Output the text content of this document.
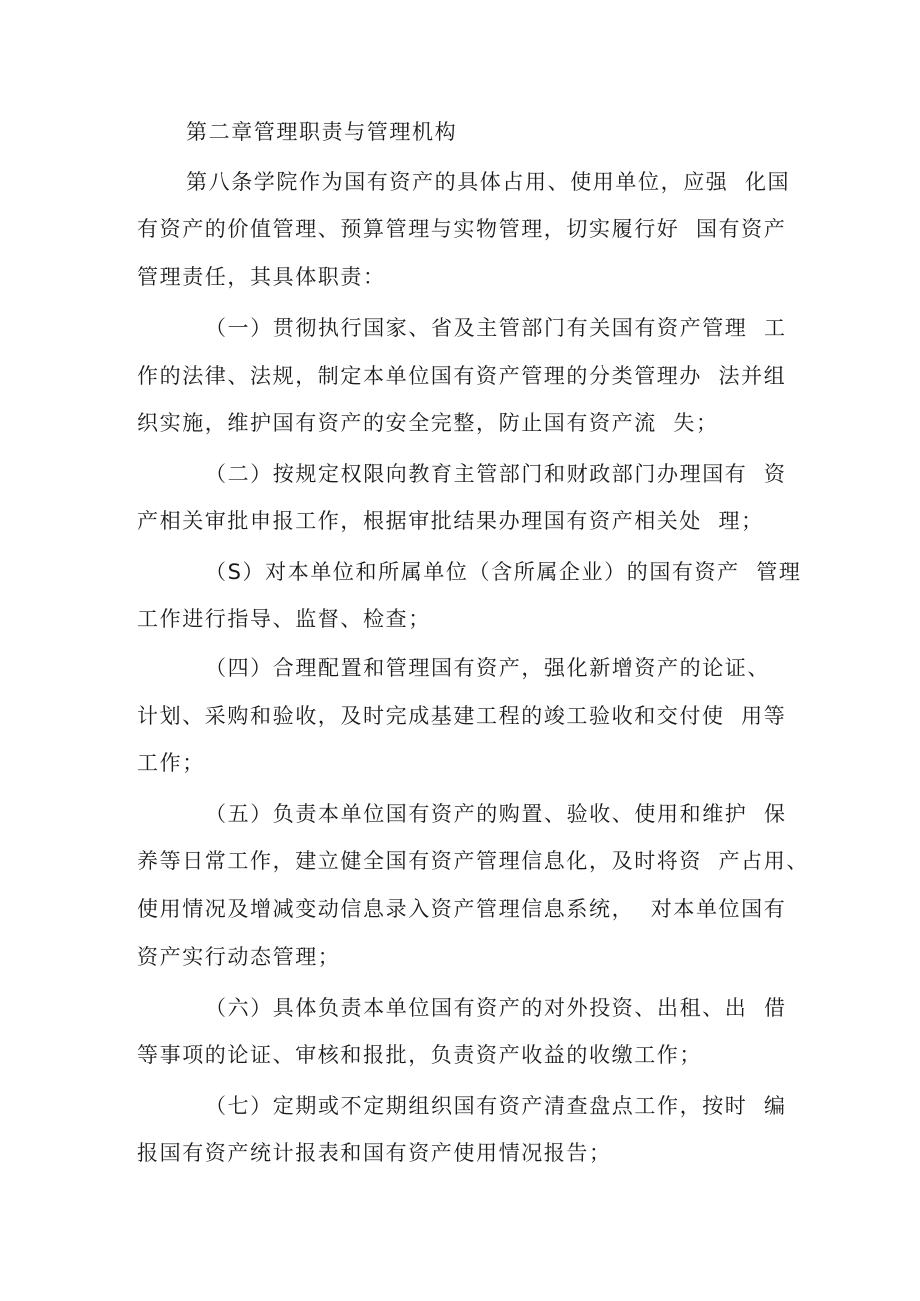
第二章管理职责与管理机构
第八条学院作为国有资产的具体占用、使用单位，应强  化国
有资产的价值管理、预算管理与实物管理，切实履行好  国有资产
管理责任，其具体职责：
（一）贯彻执行国家、省及主管部门有关国有资产管理  工
作的法律、法规，制定本单位国有资产管理的分类管理办  法并组
织实施，维护国有资产的安全完整，防止国有资产流  失；
（二）按规定权限向教育主管部门和财政部门办理国有  资
产相关审批申报工作，根据审批结果办理国有资产相关处  理；
（S）对本单位和所属单位（含所属企业）的国有资产  管理
工作进行指导、监督、检查；
（四）合理配置和管理国有资产，强化新增资产的论证、
计划、采购和验收，及时完成基建工程的竣工验收和交付使  用等
工作；
（五）负责本单位国有资产的购置、验收、使用和维护  保
养等日常工作，建立健全国有资产管理信息化，及时将资  产占用、
使用情况及增减变动信息录入资产管理信息系统，  对本单位国有
资产实行动态管理；
（六）具体负责本单位国有资产的对外投资、出租、出  借
等事项的论证、审核和报批，负责资产收益的收缴工作；
（七）定期或不定期组织国有资产清查盘点工作，按时  编
报国有资产统计报表和国有资产使用情况报告；
